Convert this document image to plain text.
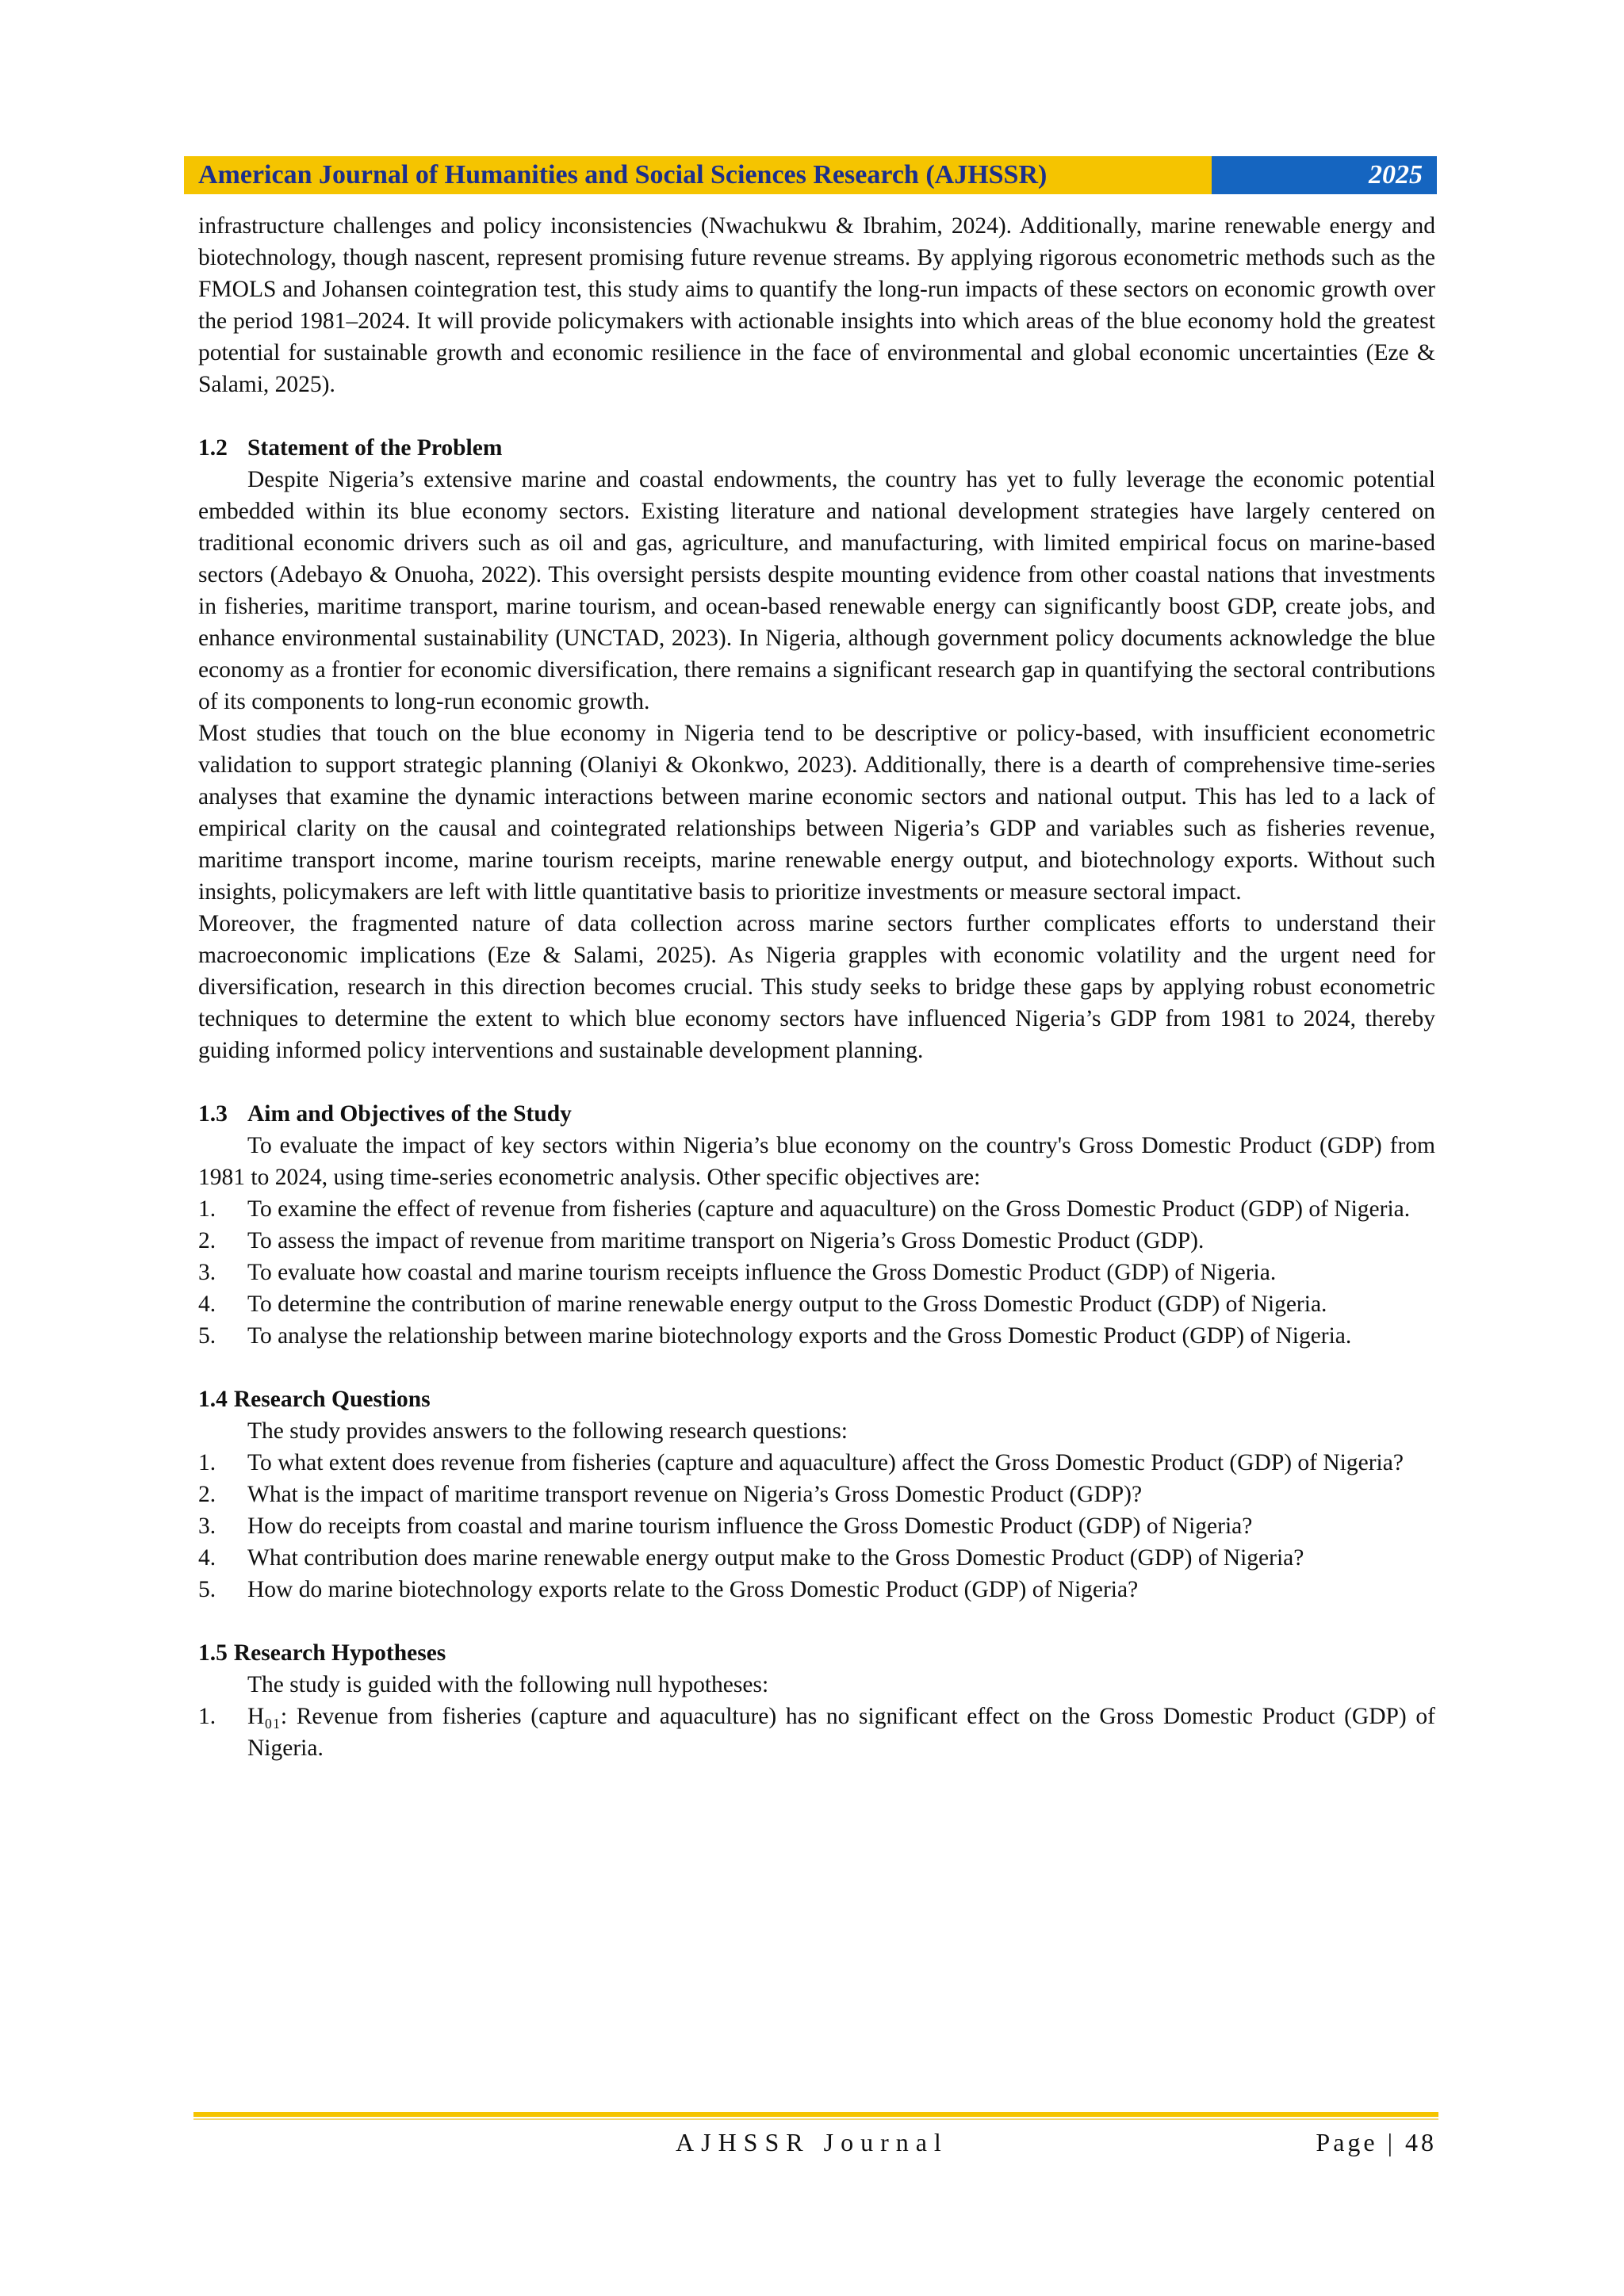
American Journal of Humanities and Social Sciences Research (AJHSSR)	2025

infrastructure challenges and policy inconsistencies (Nwachukwu & Ibrahim, 2024). Additionally, marine renewable energy and biotechnology, though nascent, represent promising future revenue streams. By applying rigorous econometric methods such as the FMOLS and Johansen cointegration test, this study aims to quantify the long-run impacts of these sectors on economic growth over the period 1981–2024. It will provide policymakers with actionable insights into which areas of the blue economy hold the greatest potential for sustainable growth and economic resilience in the face of environmental and global economic uncertainties (Eze & Salami, 2025).

1.2 Statement of the Problem

Despite Nigeria’s extensive marine and coastal endowments, the country has yet to fully leverage the economic potential embedded within its blue economy sectors. Existing literature and national development strategies have largely centered on traditional economic drivers such as oil and gas, agriculture, and manufacturing, with limited empirical focus on marine-based sectors (Adebayo & Onuoha, 2022). This oversight persists despite mounting evidence from other coastal nations that investments in fisheries, maritime transport, marine tourism, and ocean-based renewable energy can significantly boost GDP, create jobs, and enhance environmental sustainability (UNCTAD, 2023). In Nigeria, although government policy documents acknowledge the blue economy as a frontier for economic diversification, there remains a significant research gap in quantifying the sectoral contributions of its components to long-run economic growth.

Most studies that touch on the blue economy in Nigeria tend to be descriptive or policy-based, with insufficient econometric validation to support strategic planning (Olaniyi & Okonkwo, 2023). Additionally, there is a dearth of comprehensive time-series analyses that examine the dynamic interactions between marine economic sectors and national output. This has led to a lack of empirical clarity on the causal and cointegrated relationships between Nigeria’s GDP and variables such as fisheries revenue, maritime transport income, marine tourism receipts, marine renewable energy output, and biotechnology exports. Without such insights, policymakers are left with little quantitative basis to prioritize investments or measure sectoral impact.

Moreover, the fragmented nature of data collection across marine sectors further complicates efforts to understand their macroeconomic implications (Eze & Salami, 2025). As Nigeria grapples with economic volatility and the urgent need for diversification, research in this direction becomes crucial. This study seeks to bridge these gaps by applying robust econometric techniques to determine the extent to which blue economy sectors have influenced Nigeria’s GDP from 1981 to 2024, thereby guiding informed policy interventions and sustainable development planning.

1.3 Aim and Objectives of the Study

To evaluate the impact of key sectors within Nigeria’s blue economy on the country's Gross Domestic Product (GDP) from 1981 to 2024, using time-series econometric analysis. Other specific objectives are:

1. To examine the effect of revenue from fisheries (capture and aquaculture) on the Gross Domestic Product (GDP) of Nigeria.
2. To assess the impact of revenue from maritime transport on Nigeria’s Gross Domestic Product (GDP).
3. To evaluate how coastal and marine tourism receipts influence the Gross Domestic Product (GDP) of Nigeria.
4. To determine the contribution of marine renewable energy output to the Gross Domestic Product (GDP) of Nigeria.
5. To analyse the relationship between marine biotechnology exports and the Gross Domestic Product (GDP) of Nigeria.
1.4 Research Questions

The study provides answers to the following research questions:

1. To what extent does revenue from fisheries (capture and aquaculture) affect the Gross Domestic Product (GDP) of Nigeria?
2. What is the impact of maritime transport revenue on Nigeria’s Gross Domestic Product (GDP)?
3. How do receipts from coastal and marine tourism influence the Gross Domestic Product (GDP) of Nigeria?
4. What contribution does marine renewable energy output make to the Gross Domestic Product (GDP) of Nigeria?
5. How do marine biotechnology exports relate to the Gross Domestic Product (GDP) of Nigeria?
1.5 Research Hypotheses

The study is guided with the following null hypotheses:

1. H₀₁: Revenue from fisheries (capture and aquaculture) has no significant effect on the Gross Domestic Product (GDP) of Nigeria.
AJHSSR Journal	Page | 48
